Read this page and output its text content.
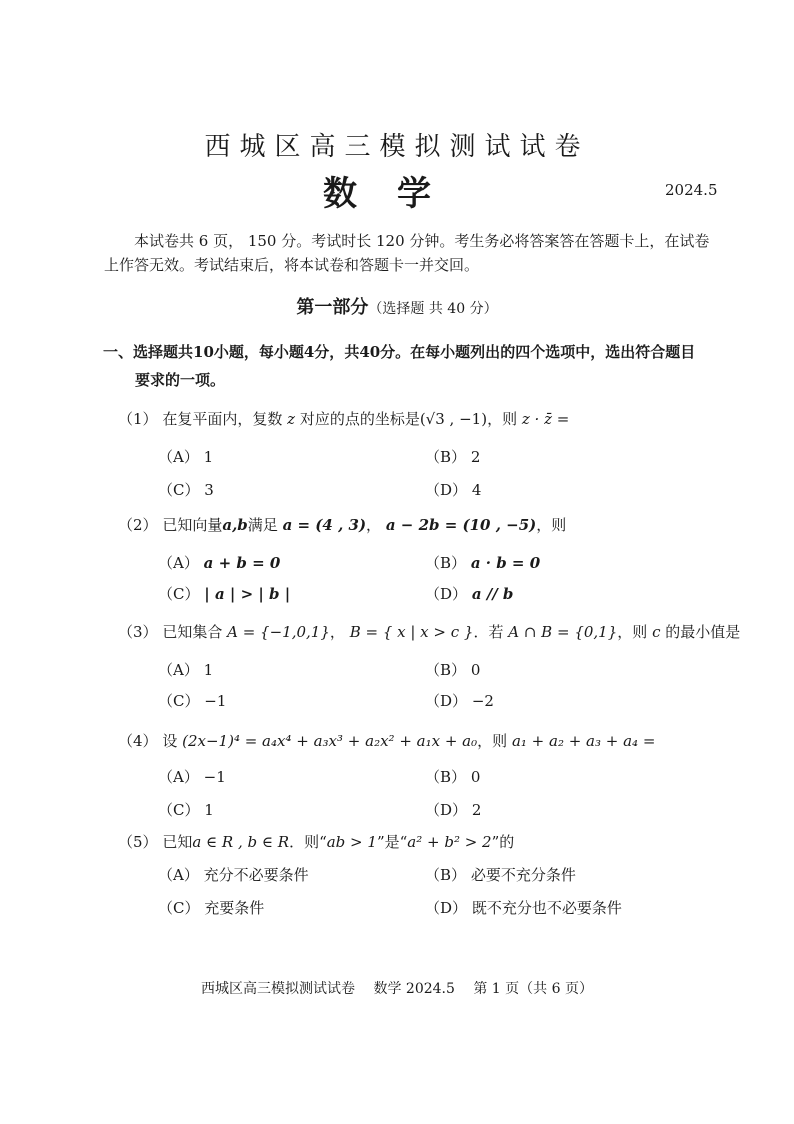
西城区高三模拟测试试卷
数学	2024.5
本试卷共 6 页， 150 分。考试时长 120 分钟。考生务必将答案答在答题卡上，在试卷上作答无效。考试结束后，将本试卷和答题卡一并交回。
第一部分（选择题 共 40 分）
一、选择题共10小题，每小题4分，共40分。在每小题列出的四个选项中，选出符合题目
要求的一项。
（1） 在复平面内，复数 z 对应的点的坐标是(√3 , −1)，则 z · z̄ =
（A） 1	（B） 2
（C） 3	（D） 4
（2） 已知向量a,b满足 a = (4 , 3)， a − 2b = (10 , −5)，则
（A） a + b = 0	（B） a · b = 0
（C） | a | > | b |	（D） a // b
（3） 已知集合 A = {−1,0,1}， B = { x | x > c }．若 A ∩ B = {0,1}，则 c 的最小值是
（A） 1	（B） 0
（C） −1	（D） −2
（4） 设 (2x−1)⁴ = a₄x⁴ + a₃x³ + a₂x² + a₁x + a₀，则 a₁ + a₂ + a₃ + a₄ =
（A） −1	（B） 0
（C） 1	（D） 2
（5） 已知a ∈ R , b ∈ R．则“ab > 1”是“a² + b² > 2”的
（A） 充分不必要条件	（B） 必要不充分条件
（C） 充要条件	（D） 既不充分也不必要条件
西城区高三模拟测试试卷　 数学 2024.5　 第 1 页（共 6 页）
